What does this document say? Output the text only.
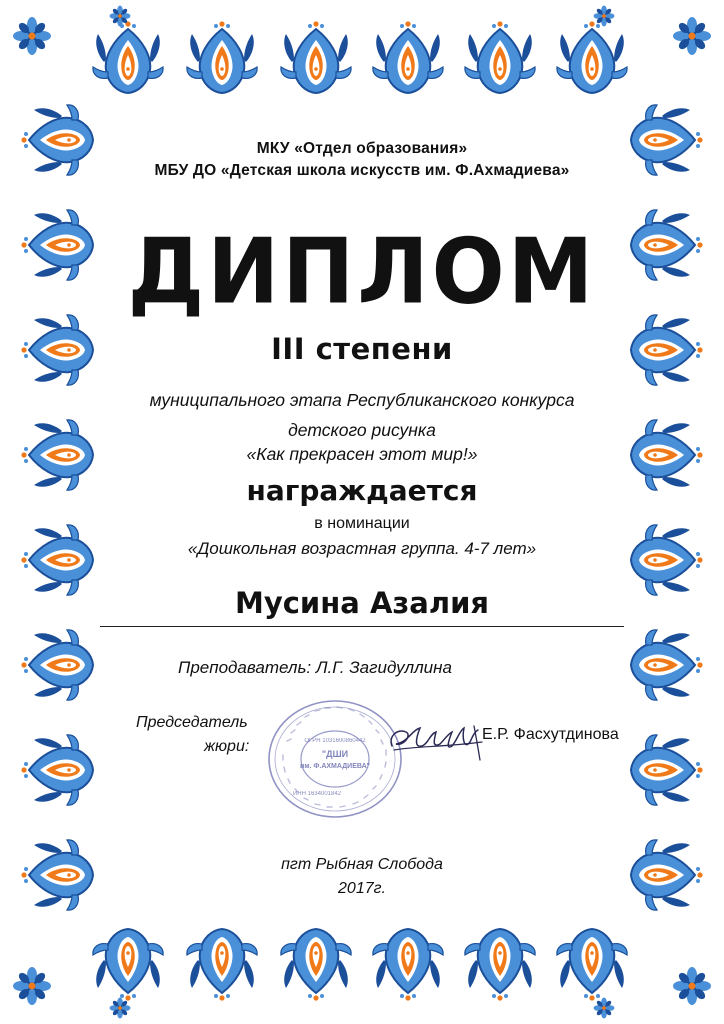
МКУ «Отдел образования»
МБУ ДО «Детская школа искусств им. Ф.Ахмадиева»
ДИПЛОМ
III степени
муниципального этапа Республиканского конкурса
детского рисунка
«Как прекрасен этот мир!»
награждается
в номинации
«Дошкольная возрастная группа. 4-7 лет»
Мусина Азалия
Преподаватель: Л.Г. Загидуллина
Председатель
жюри:	ОГРН 1031600860442
"ДШИ
им. Ф.АХМАДИЕВА"
ИНН 1634001842
Е.Р. Фасхутдинова
пгт Рыбная Слобода
2017г.
